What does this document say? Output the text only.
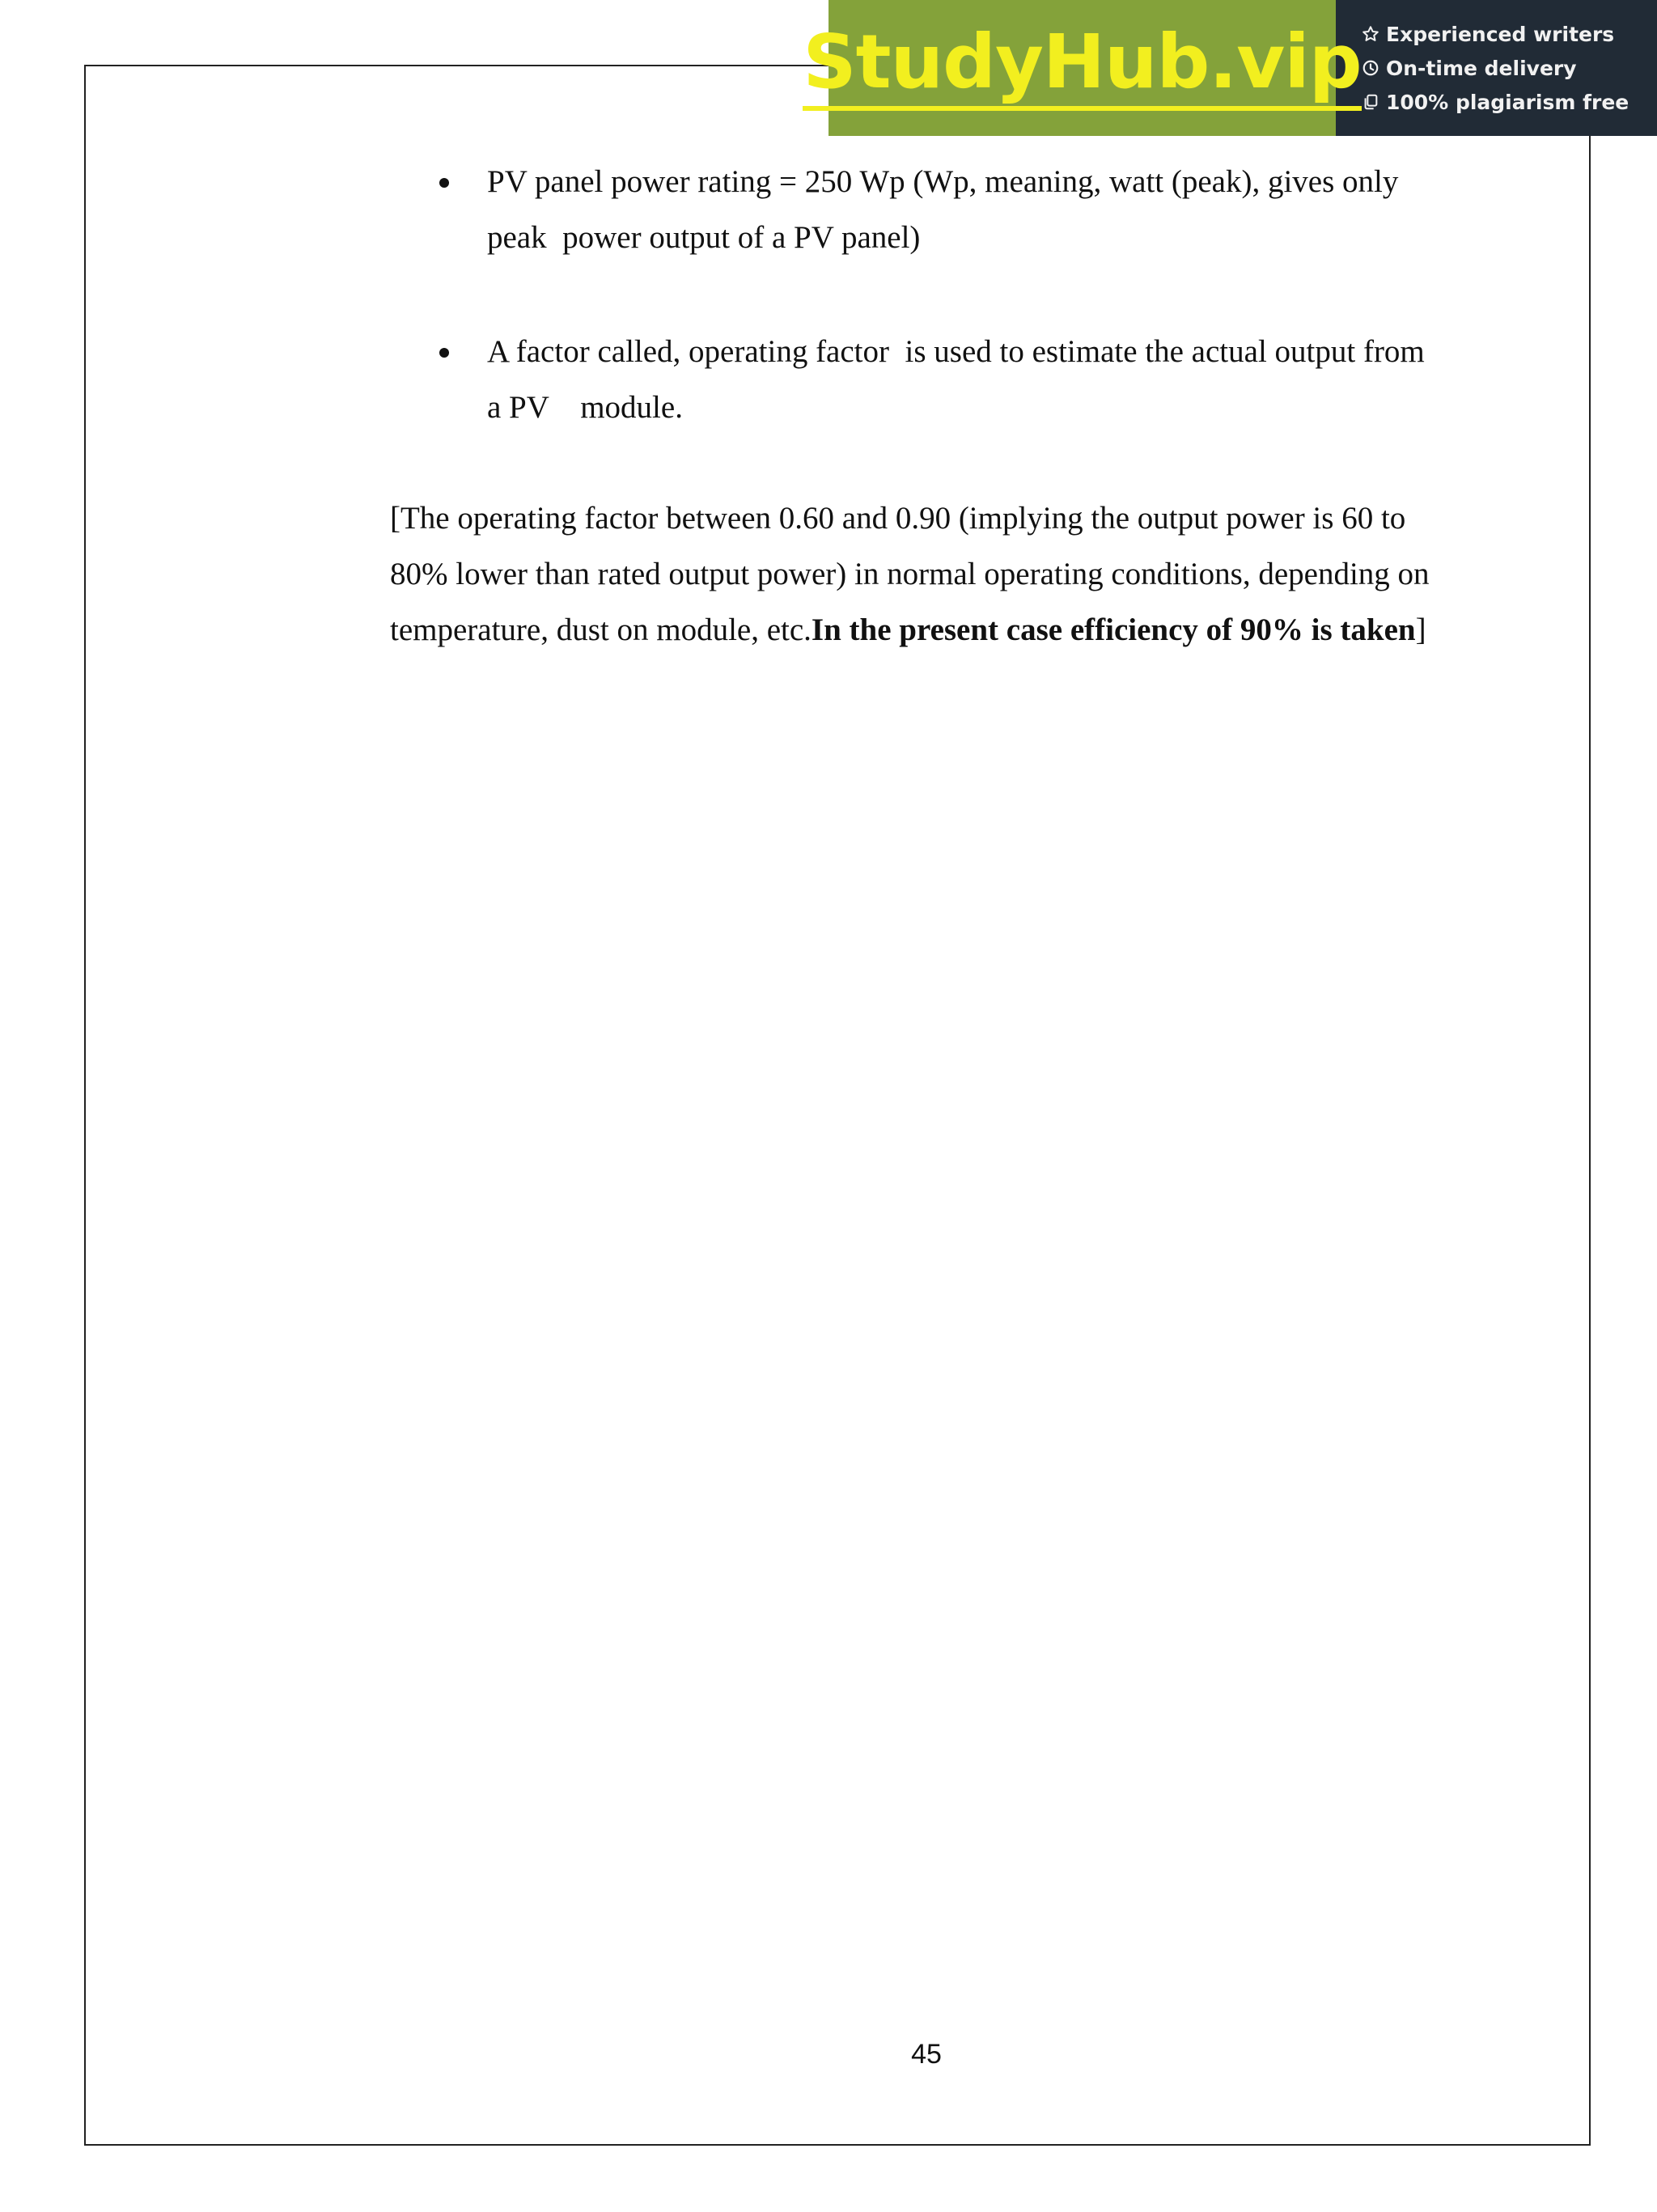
StudyHub.vip Experienced writers
On-time delivery
100% plagiarism free
PV panel power rating = 250 Wp (Wp, meaning, watt (peak), gives only
peak  power output of a PV panel)
A factor called, operating factor  is used to estimate the actual output from
a PV    module.
[The operating factor between 0.60 and 0.90 (implying the output power is 60 to
80% lower than rated output power) in normal operating conditions, depending on
temperature, dust on module, etc.In the present case efficiency of 90% is taken]
45
